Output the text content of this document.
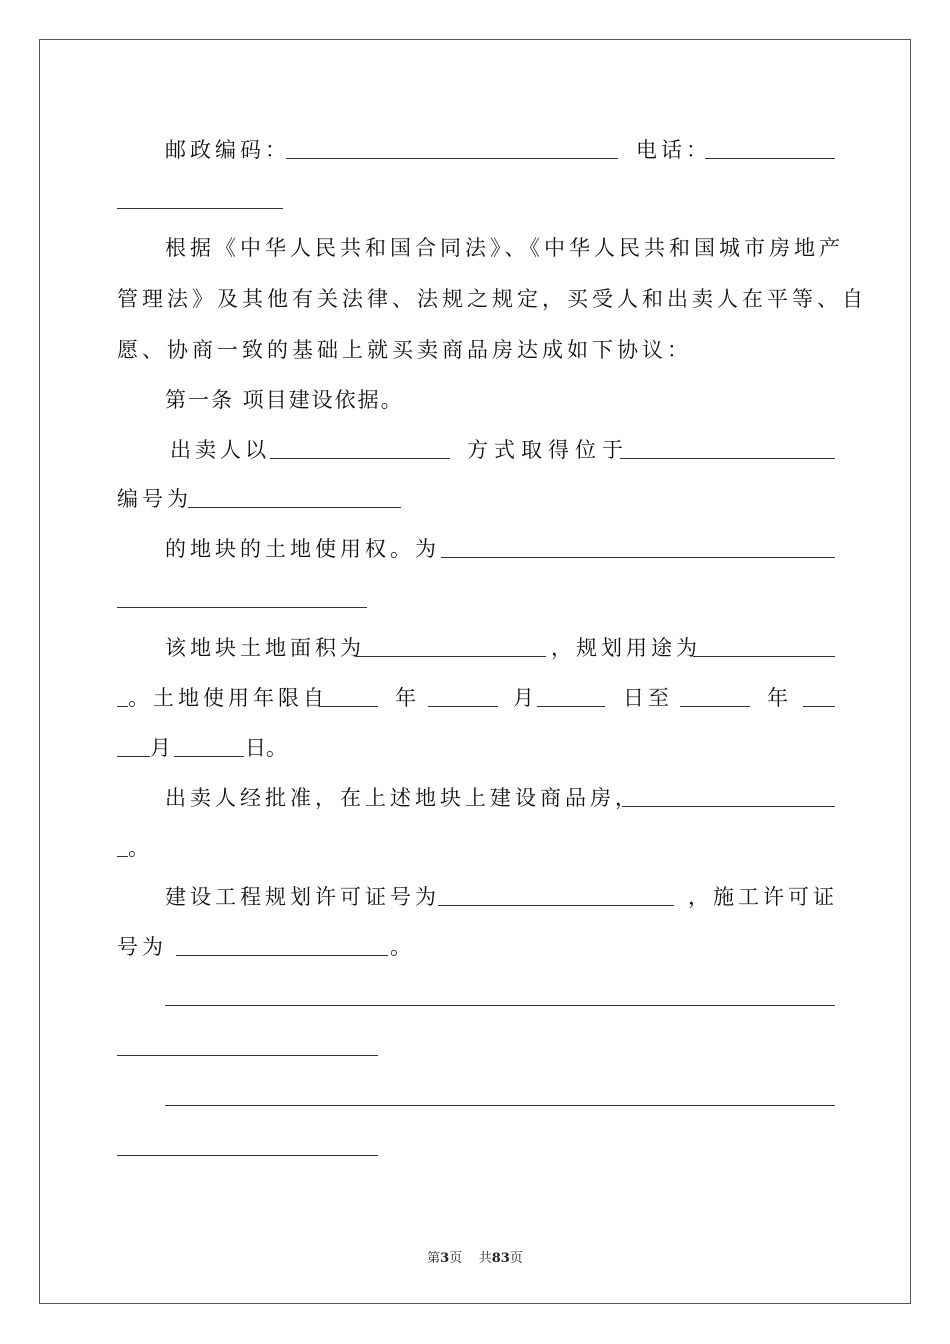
邮政编码：	电话：
根据《中华人民共和国合同法》、《中华人民共和国城市房地产
管理法》及其他有关法律、法规之规定，买受人和出卖人在平等、自
愿、协商一致的基础上就买卖商品房达成如下协议：
第一条 项目建设依据。
出卖人以	方式取得位于
编号为
的地块的土地使用权。为
该地块土地面积为	，规划用途为
。土地使用年限自	年	月	日至	年
月	日。
出卖人经批准，在上述地块上建设商品房，
。
建设工程规划许可证号为	，施工许可证
号为	。
第3页 共83页
